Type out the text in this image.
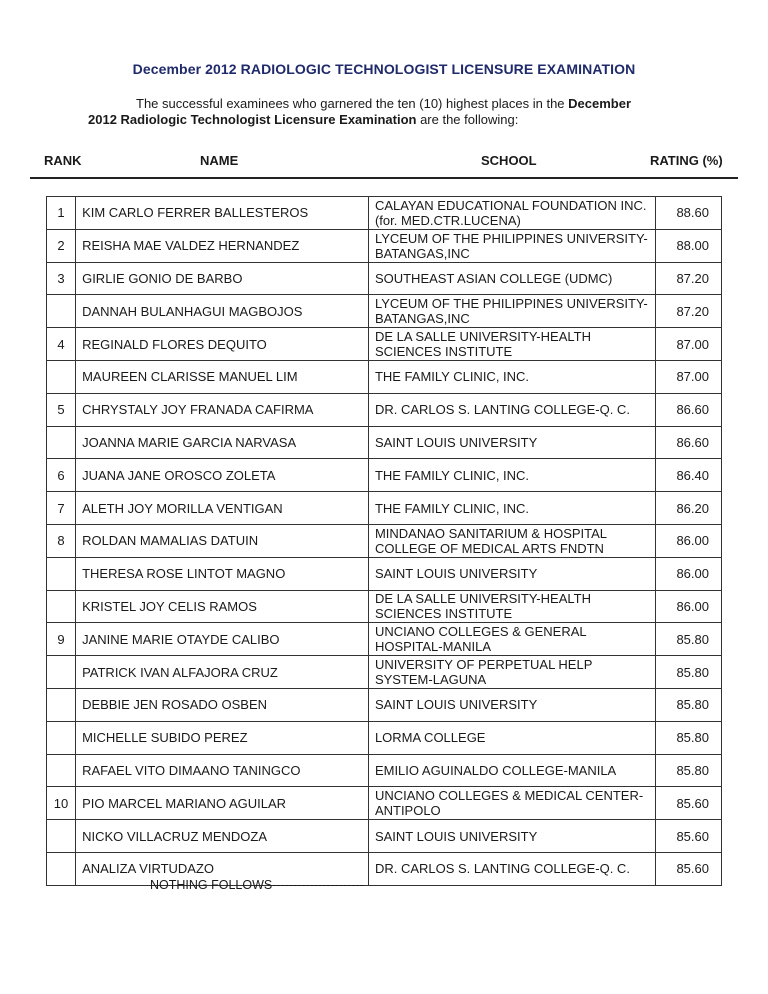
December 2012 RADIOLOGIC TECHNOLOGIST LICENSURE EXAMINATION
The successful examinees who garnered the ten (10) highest places in the December
2012 Radiologic Technologist Licensure Examination are the following:
RANK	NAME	SCHOOL	RATING (%)
1	KIM CARLO FERRER BALLESTEROS	CALAYAN EDUCATIONAL FOUNDATION INC.(for. MED.CTR.LUCENA)	88.60
2	REISHA MAE VALDEZ HERNANDEZ	LYCEUM OF THE PHILIPPINES UNIVERSITY-BATANGAS,INC	88.00
3	GIRLIE GONIO DE BARBO	SOUTHEAST ASIAN COLLEGE (UDMC)	87.20
	DANNAH BULANHAGUI MAGBOJOS	LYCEUM OF THE PHILIPPINES UNIVERSITY-BATANGAS,INC	87.20
4	REGINALD FLORES DEQUITO	DE LA SALLE UNIVERSITY-HEALTH SCIENCES INSTITUTE	87.00
	MAUREEN CLARISSE MANUEL LIM	THE FAMILY CLINIC, INC.	87.00
5	CHRYSTALY JOY FRANADA CAFIRMA	DR. CARLOS S. LANTING COLLEGE-Q. C.	86.60
	JOANNA MARIE GARCIA NARVASA	SAINT LOUIS UNIVERSITY	86.60
6	JUANA JANE OROSCO ZOLETA	THE FAMILY CLINIC, INC.	86.40
7	ALETH JOY MORILLA VENTIGAN	THE FAMILY CLINIC, INC.	86.20
8	ROLDAN MAMALIAS DATUIN	MINDANAO SANITARIUM & HOSPITAL COLLEGE OF MEDICAL ARTS FNDTN	86.00
	THERESA ROSE LINTOT MAGNO	SAINT LOUIS UNIVERSITY	86.00
	KRISTEL JOY CELIS RAMOS	DE LA SALLE UNIVERSITY-HEALTH SCIENCES INSTITUTE	86.00
9	JANINE MARIE OTAYDE CALIBO	UNCIANO COLLEGES & GENERAL HOSPITAL-MANILA	85.80
	PATRICK IVAN ALFAJORA CRUZ	UNIVERSITY OF PERPETUAL HELP SYSTEM-LAGUNA	85.80
	DEBBIE JEN ROSADO OSBEN	SAINT LOUIS UNIVERSITY	85.80
	MICHELLE SUBIDO PEREZ	LORMA COLLEGE	85.80
	RAFAEL VITO DIMAANO TANINGCO	EMILIO AGUINALDO COLLEGE-MANILA	85.80
10	PIO MARCEL MARIANO AGUILAR	UNCIANO COLLEGES & MEDICAL CENTER-ANTIPOLO	85.60
	NICKO VILLACRUZ MENDOZA	SAINT LOUIS UNIVERSITY	85.60
	ANALIZA VIRTUDAZO	DR. CARLOS S. LANTING COLLEGE-Q. C.	85.60
NOTHING FOLLOWS----------------------
